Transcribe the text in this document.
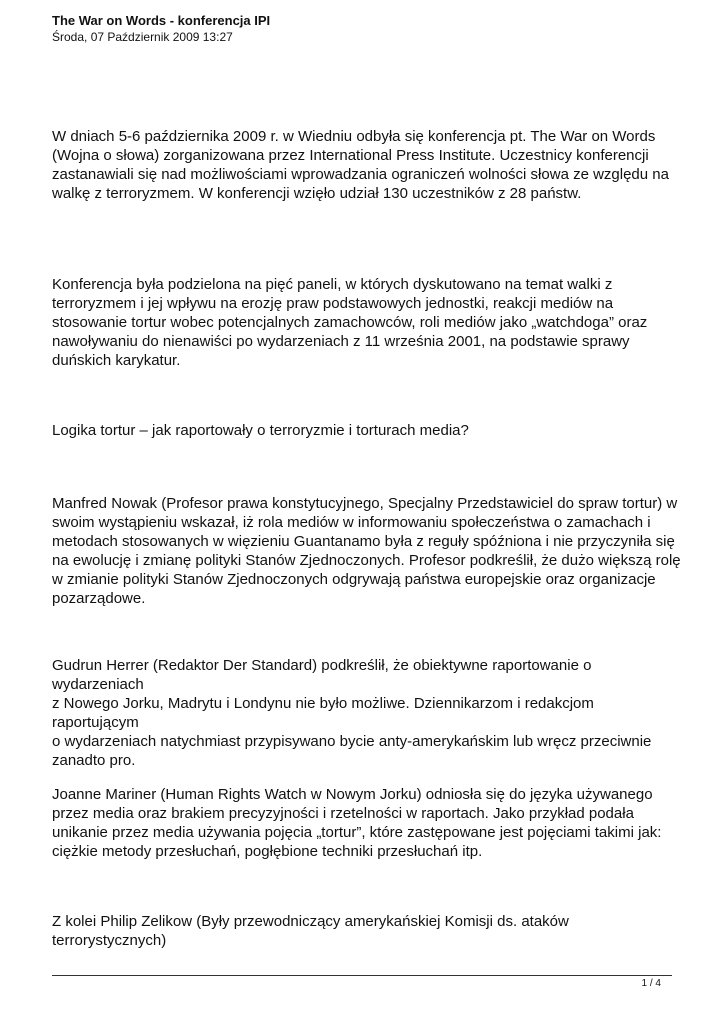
The War on Words - konferencja IPI
Środa, 07 Październik 2009 13:27

W dniach 5-6 października 2009 r. w Wiedniu odbyła się konferencja pt. The War on Words
(Wojna o słowa) zorganizowana przez International Press Institute. Uczestnicy konferencji
zastanawiali się nad możliwościami wprowadzania ograniczeń wolności słowa ze względu na
walkę z terroryzmem. W konferencji wzięło udział 130 uczestników z 28 państw.

Konferencja była podzielona na pięć paneli, w których dyskutowano na temat walki z
terroryzmem i jej wpływu na erozję praw podstawowych jednostki, reakcji mediów na
stosowanie tortur wobec potencjalnych zamachowców, roli mediów jako „watchdoga” oraz
nawoływaniu do nienawiści po wydarzeniach z 11 września 2001, na podstawie sprawy
duńskich karykatur.

Logika tortur – jak raportowały o terroryzmie i torturach media?

Manfred Nowak (Profesor prawa konstytucyjnego, Specjalny Przedstawiciel do spraw tortur) w
swoim wystąpieniu wskazał, iż rola mediów w informowaniu społeczeństwa o zamachach i
metodach stosowanych w więzieniu Guantanamo była z reguły spóźniona i nie przyczyniła się
na ewolucję i zmianę polityki Stanów Zjednoczonych. Profesor podkreślił, że dużo większą rolę
w zmianie polityki Stanów Zjednoczonych odgrywają państwa europejskie oraz organizacje
pozarządowe.

Gudrun Herrer (Redaktor Der Standard) podkreślił, że obiektywne raportowanie o wydarzeniach
z Nowego Jorku, Madrytu i Londynu nie było możliwe. Dziennikarzom i redakcjom raportującym
o wydarzeniach natychmiast przypisywano bycie anty-amerykańskim lub wręcz przeciwnie
zanadto pro.

Joanne Mariner (Human Rights Watch w Nowym Jorku) odniosła się do języka używanego
przez media oraz brakiem precyzyjności i rzetelności w raportach. Jako przykład podała
unikanie przez media używania pojęcia „tortur”, które zastępowane jest pojęciami takimi jak:
ciężkie metody przesłuchań, pogłębione techniki przesłuchań itp.

Z kolei Philip Zelikow (Były przewodniczący amerykańskiej Komisji ds. ataków terrorystycznych)

1 / 4
